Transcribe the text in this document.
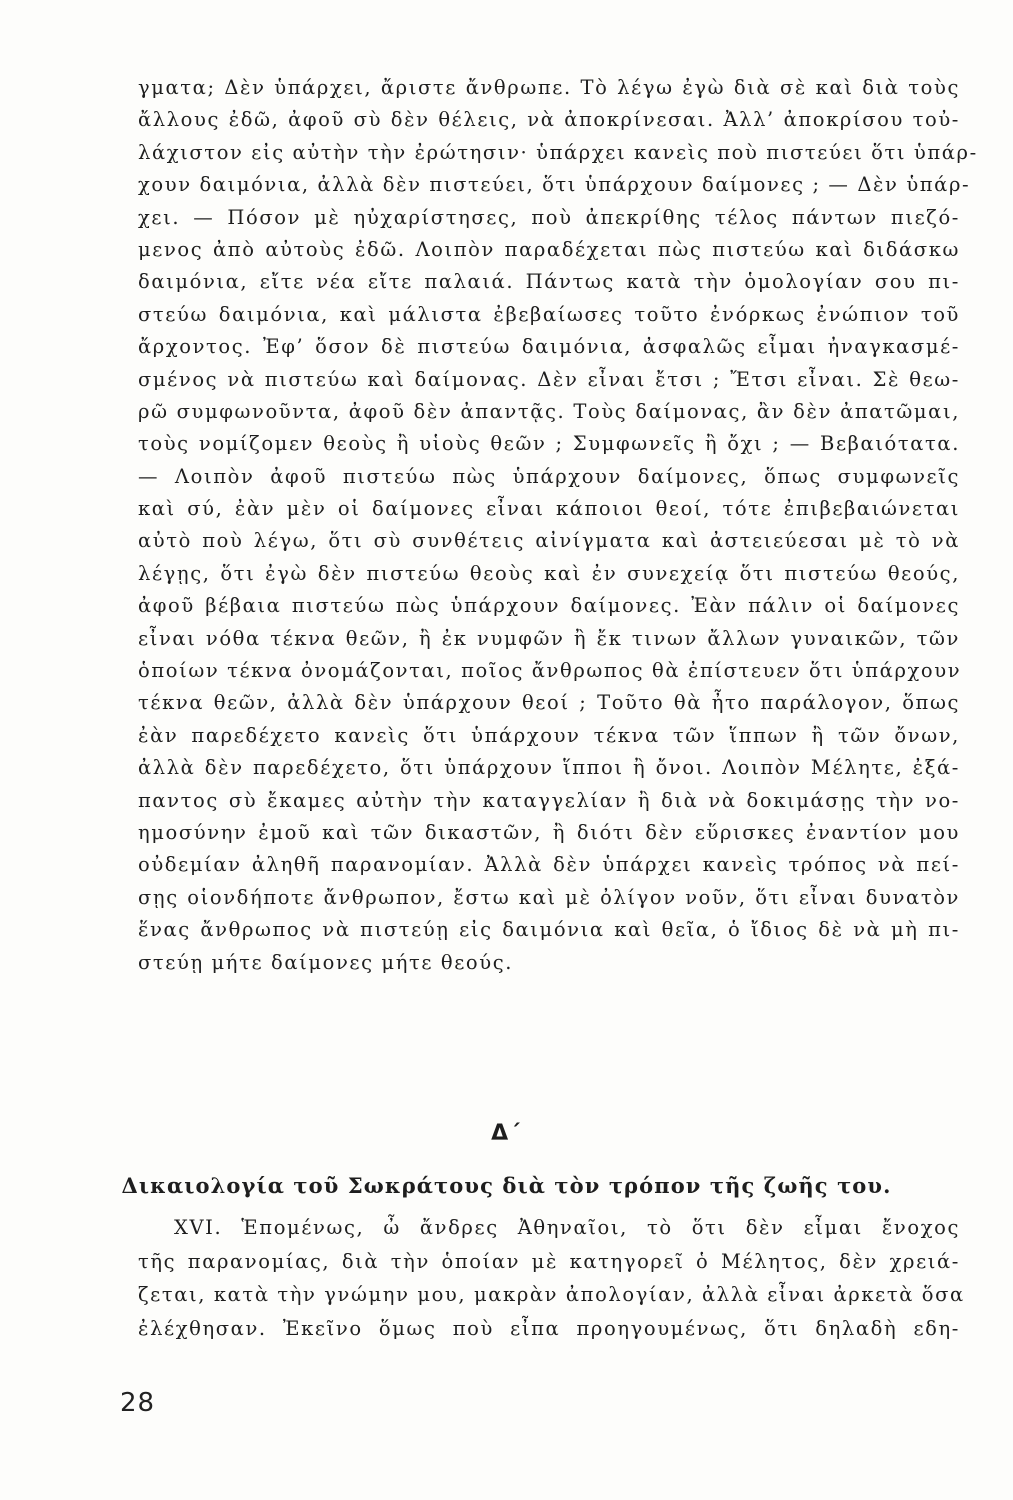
γματα; Δὲν ὑπάρχει, ἄριστε ἄνθρωπε. Τὸ λέγω ἐγὼ διὰ σὲ καὶ διὰ τοὺς
ἄλλους ἐδῶ, ἀφοῦ σὺ δὲν θέλεις, νὰ ἀποκρίνεσαι. Ἀλλ’ ἀποκρίσου τοὐ-
λάχιστον εἰς αὐτὴν τὴν ἐρώτησιν· ὑπάρχει κανεὶς ποὺ πιστεύει ὅτι ὑπάρ-
χουν δαιμόνια, ἀλλὰ δὲν πιστεύει, ὅτι ὑπάρχουν δαίμονες ; — Δὲν ὑπάρ-
χει. — Πόσον μὲ ηὐχαρίστησες, ποὺ ἀπεκρίθης τέλος πάντων πιεζό-
μενος ἀπὸ αὐτοὺς ἐδῶ. Λοιπὸν παραδέχεται πὼς πιστεύω καὶ διδάσκω
δαιμόνια, εἴτε νέα εἴτε παλαιά. Πάντως κατὰ τὴν ὁμολογίαν σου πι-
στεύω δαιμόνια, καὶ μάλιστα ἐβεβαίωσες τοῦτο ἐνόρκως ἐνώπιον τοῦ
ἄρχοντος. Ἐφ’ ὅσον δὲ πιστεύω δαιμόνια, ἀσφαλῶς εἶμαι ἠναγκασμέ-
σμένος νὰ πιστεύω καὶ δαίμονας. Δὲν εἶναι ἔτσι ; Ἔτσι εἶναι. Σὲ θεω-
ρῶ συμφωνοῦντα, ἀφοῦ δὲν ἀπαντᾷς. Τοὺς δαίμονας, ἂν δὲν ἀπατῶμαι,
τοὺς νομίζομεν θεοὺς ἢ υἱοὺς θεῶν ; Συμφωνεῖς ἢ ὄχι ; — Βεβαιότατα.
— Λοιπὸν ἀφοῦ πιστεύω πὼς ὑπάρχουν δαίμονες, ὅπως συμφωνεῖς
καὶ σύ, ἐὰν μὲν οἱ δαίμονες εἶναι κάποιοι θεοί, τότε ἐπιβεβαιώνεται
αὐτὸ ποὺ λέγω, ὅτι σὺ συνθέτεις αἰνίγματα καὶ ἀστειεύεσαι μὲ τὸ νὰ
λέγῃς, ὅτι ἐγὼ δὲν πιστεύω θεοὺς καὶ ἐν συνεχείᾳ ὅτι πιστεύω θεούς,
ἀφοῦ βέβαια πιστεύω πὼς ὑπάρχουν δαίμονες. Ἐὰν πάλιν οἱ δαίμονες
εἶναι νόθα τέκνα θεῶν, ἢ ἐκ νυμφῶν ἢ ἔκ τινων ἄλλων γυναικῶν, τῶν
ὁποίων τέκνα ὀνομάζονται, ποῖος ἄνθρωπος θὰ ἐπίστευεν ὅτι ὑπάρχουν
τέκνα θεῶν, ἀλλὰ δὲν ὑπάρχουν θεοί ; Τοῦτο θὰ ἦτο παράλογον, ὅπως
ἐὰν παρεδέχετο κανεὶς ὅτι ὑπάρχουν τέκνα τῶν ἵππων ἢ τῶν ὄνων,
ἀλλὰ δὲν παρεδέχετο, ὅτι ὑπάρχουν ἵπποι ἢ ὄνοι. Λοιπὸν Μέλητε, ἐξά-
παντος σὺ ἔκαμες αὐτὴν τὴν καταγγελίαν ἢ διὰ νὰ δοκιμάσῃς τὴν νο-
ημοσύνην ἐμοῦ καὶ τῶν δικαστῶν, ἢ διότι δὲν εὕρισκες ἐναντίον μου
οὐδεμίαν ἀληθῆ παρανομίαν. Ἀλλὰ δὲν ὑπάρχει κανεὶς τρόπος νὰ πεί-
σῃς οἱονδήποτε ἄνθρωπον, ἔστω καὶ μὲ ὀλίγον νοῦν, ὅτι εἶναι δυνατὸν
ἕνας ἄνθρωπος νὰ πιστεύῃ εἰς δαιμόνια καὶ θεῖα, ὁ ἴδιος δὲ νὰ μὴ πι-
στεύῃ μήτε δαίμονες μήτε θεούς.
Δ΄
Δικαιολογία τοῦ Σωκράτους διὰ τὸν τρόπον τῆς ζωῆς του.
XVI. Ἑπομένως, ὦ ἄνδρες Ἀθηναῖοι, τὸ ὅτι δὲν εἶμαι ἔνοχος
τῆς παρανομίας, διὰ τὴν ὁποίαν μὲ κατηγορεῖ ὁ Μέλητος, δὲν χρειά-
ζεται, κατὰ τὴν γνώμην μου, μακρὰν ἀπολογίαν, ἀλλὰ εἶναι ἀρκετὰ ὅσα
ἐλέχθησαν. Ἐκεῖνο ὅμως ποὺ εἶπα προηγουμένως, ὅτι δηλαδὴ εδη-
28
